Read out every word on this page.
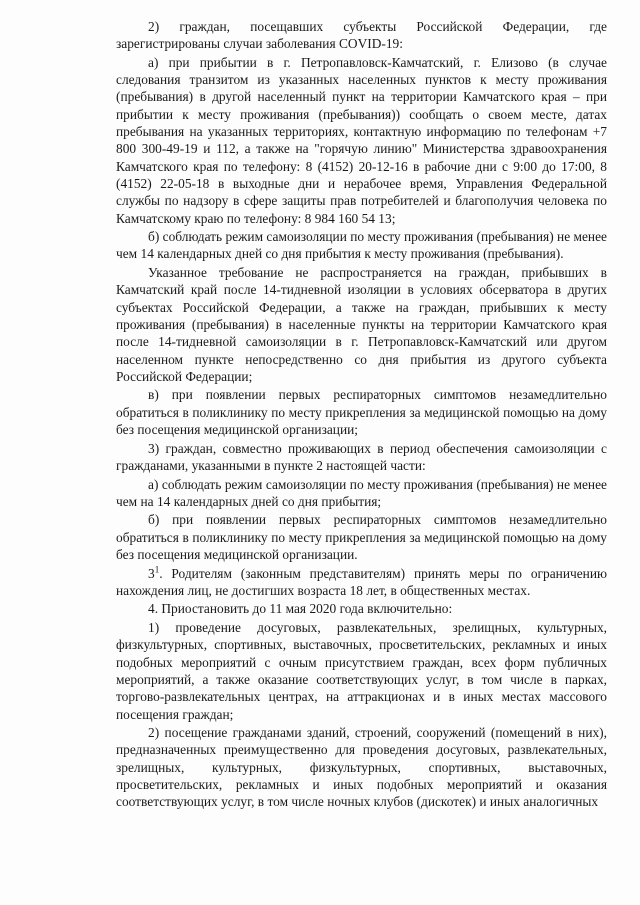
2) граждан, посещавших субъекты Российской Федерации, где зарегистрированы случаи заболевания COVID-19:

а) при прибытии в г. Петропавловск-Камчатский, г. Елизово (в случае следования транзитом из указанных населенных пунктов к месту проживания (пребывания) в другой населенный пункт на территории Камчатского края – при прибытии к месту проживания (пребывания)) сообщать о своем месте, датах пребывания на указанных территориях, контактную информацию по телефонам +7 800 300-49-19 и 112, а также на "горячую линию" Министерства здравоохранения Камчатского края по телефону: 8 (4152) 20-12-16 в рабочие дни с 9:00 до 17:00, 8 (4152) 22-05-18 в выходные дни и нерабочее время, Управления Федеральной службы по надзору в сфере защиты прав потребителей и благополучия человека по Камчатскому краю по телефону: 8 984 160 54 13;

б) соблюдать режим самоизоляции по месту проживания (пребывания) не менее чем 14 календарных дней со дня прибытия к месту проживания (пребывания).

Указанное требование не распространяется на граждан, прибывших в Камчатский край после 14-тидневной изоляции в условиях обсерватора в других субъектах Российской Федерации, а также на граждан, прибывших к месту проживания (пребывания) в населенные пункты на территории Камчатского края после 14-тидневной самоизоляции в г. Петропавловск-Камчатский или другом населенном пункте непосредственно со дня прибытия из другого субъекта Российской Федерации;

в) при появлении первых респираторных симптомов незамедлительно обратиться в поликлинику по месту прикрепления за медицинской помощью на дому без посещения медицинской организации;

3) граждан, совместно проживающих в период обеспечения самоизоляции с гражданами, указанными в пункте 2 настоящей части:

а) соблюдать режим самоизоляции по месту проживания (пребывания) не менее чем на 14 календарных дней со дня прибытия;

б) при появлении первых респираторных симптомов незамедлительно обратиться в поликлинику по месту прикрепления за медицинской помощью на дому без посещения медицинской организации.

$3^1$. Родителям (законным представителям) принять меры по ограничению нахождения лиц, не достигших возраста 18 лет, в общественных местах.

4. Приостановить до 11 мая 2020 года включительно:

1) проведение досуговых, развлекательных, зрелищных, культурных, физкультурных, спортивных, выставочных, просветительских, рекламных и иных подобных мероприятий с очным присутствием граждан, всех форм публичных мероприятий, а также оказание соответствующих услуг, в том числе в парках, торгово-развлекательных центрах, на аттракционах и в иных местах массового посещения граждан;

2) посещение гражданами зданий, строений, сооружений (помещений в них), предназначенных преимущественно для проведения досуговых, развлекательных, зрелищных, культурных, физкультурных, спортивных, выставочных, просветительских, рекламных и иных подобных мероприятий и оказания соответствующих услуг, в том числе ночных клубов (дискотек) и иных аналогичных
